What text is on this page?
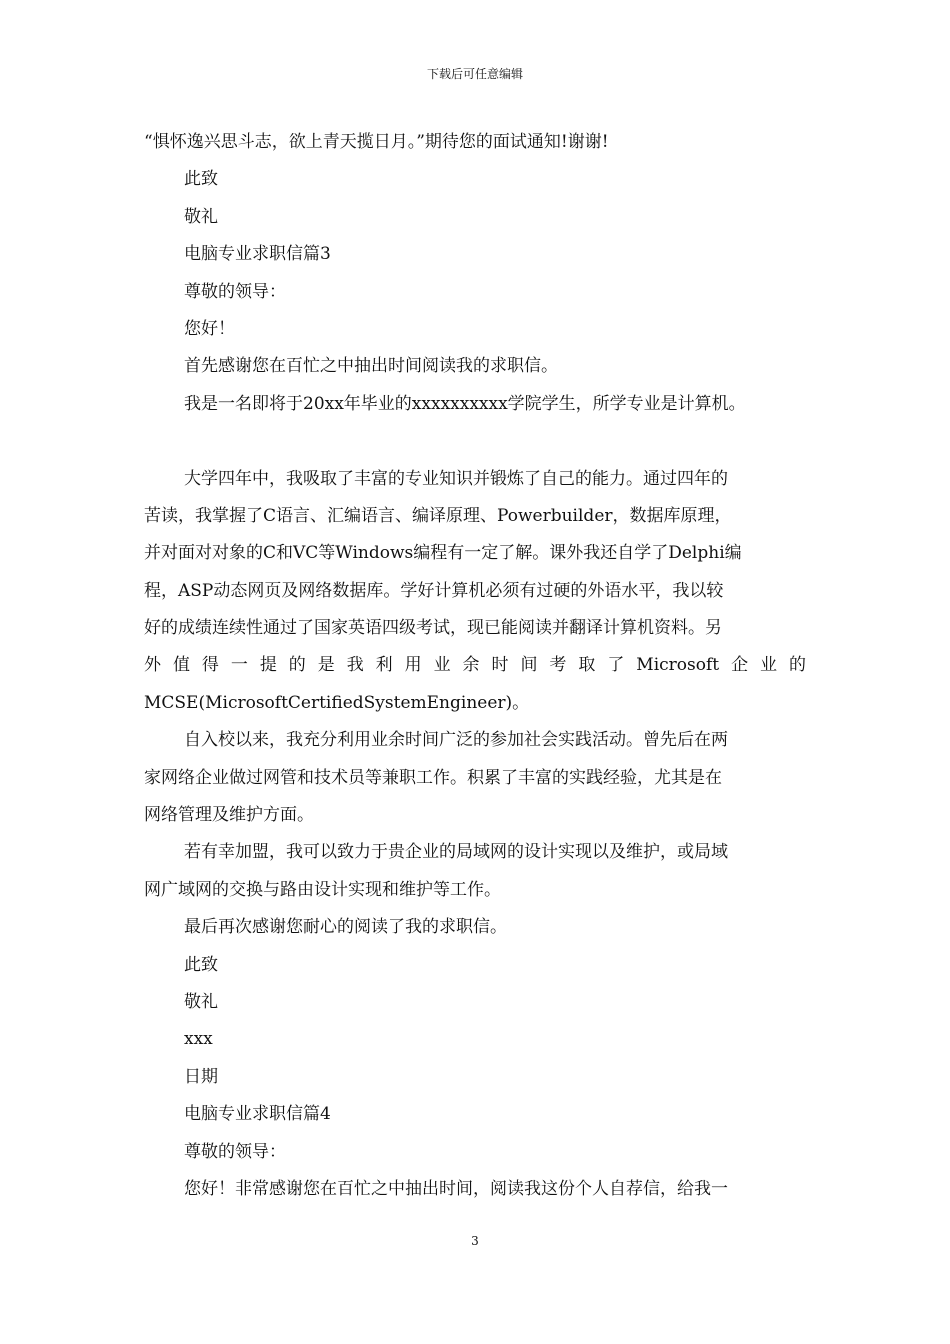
下载后可任意编辑
“惧怀逸兴思斗志，欲上青天揽日月。”期待您的面试通知!谢谢!
此致
敬礼
电脑专业求职信篇3
尊敬的领导：
您好！
首先感谢您在百忙之中抽出时间阅读我的求职信。
我是一名即将于20xx年毕业的xxxxxxxxxx学院学生，所学专业是计算机。
大学四年中，我吸取了丰富的专业知识并锻炼了自己的能力。通过四年的
苦读，我掌握了C语言、汇编语言、编译原理、Powerbuilder，数据库原理，
并对面对对象的C和VC等Windows编程有一定了解。课外我还自学了Delphi编
程，ASP动态网页及网络数据库。学好计算机必须有过硬的外语水平，我以较
好的成绩连续性通过了国家英语四级考试，现已能阅读并翻译计算机资料。另
外值得一提的是我利用业余时间考取了Microsoft企业的
MCSE(MicrosoftCertifiedSystemEngineer)。
自入校以来，我充分利用业余时间广泛的参加社会实践活动。曾先后在两
家网络企业做过网管和技术员等兼职工作。积累了丰富的实践经验，尤其是在
网络管理及维护方面。
若有幸加盟，我可以致力于贵企业的局域网的设计实现以及维护，或局域
网广域网的交换与路由设计实现和维护等工作。
最后再次感谢您耐心的阅读了我的求职信。
此致
敬礼
xxx
日期
电脑专业求职信篇4
尊敬的领导：
您好！非常感谢您在百忙之中抽出时间，阅读我这份个人自荐信，给我一
3
